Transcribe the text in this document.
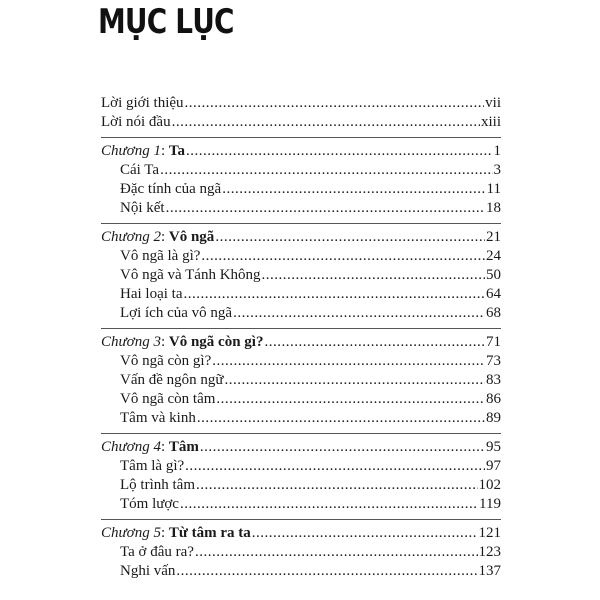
MỤC LỤC
Lời giới thiệu .....	vii
Lời nói đầu .....	xiii
Chương 1: Ta .....	1
Cái Ta .....	3
Đặc tính của ngã .....	11
Nội kết .....	18
Chương 2: Vô ngã .....	21
Vô ngã là gì? .....	24
Vô ngã và Tánh Không .....	50
Hai loại ta .....	64
Lợi ích của vô ngã .....	68
Chương 3: Vô ngã còn gì? .....	71
Vô ngã còn gì? .....	73
Vấn đề ngôn ngữ .....	83
Vô ngã còn tâm .....	86
Tâm và kinh .....	89
Chương 4: Tâm .....	95
Tâm là gì? .....	97
Lộ trình tâm .....	102
Tóm lược .....	119
Chương 5: Từ tâm ra ta .....	121
Ta ở đâu ra? .....	123
Nghi vấn .....	137
